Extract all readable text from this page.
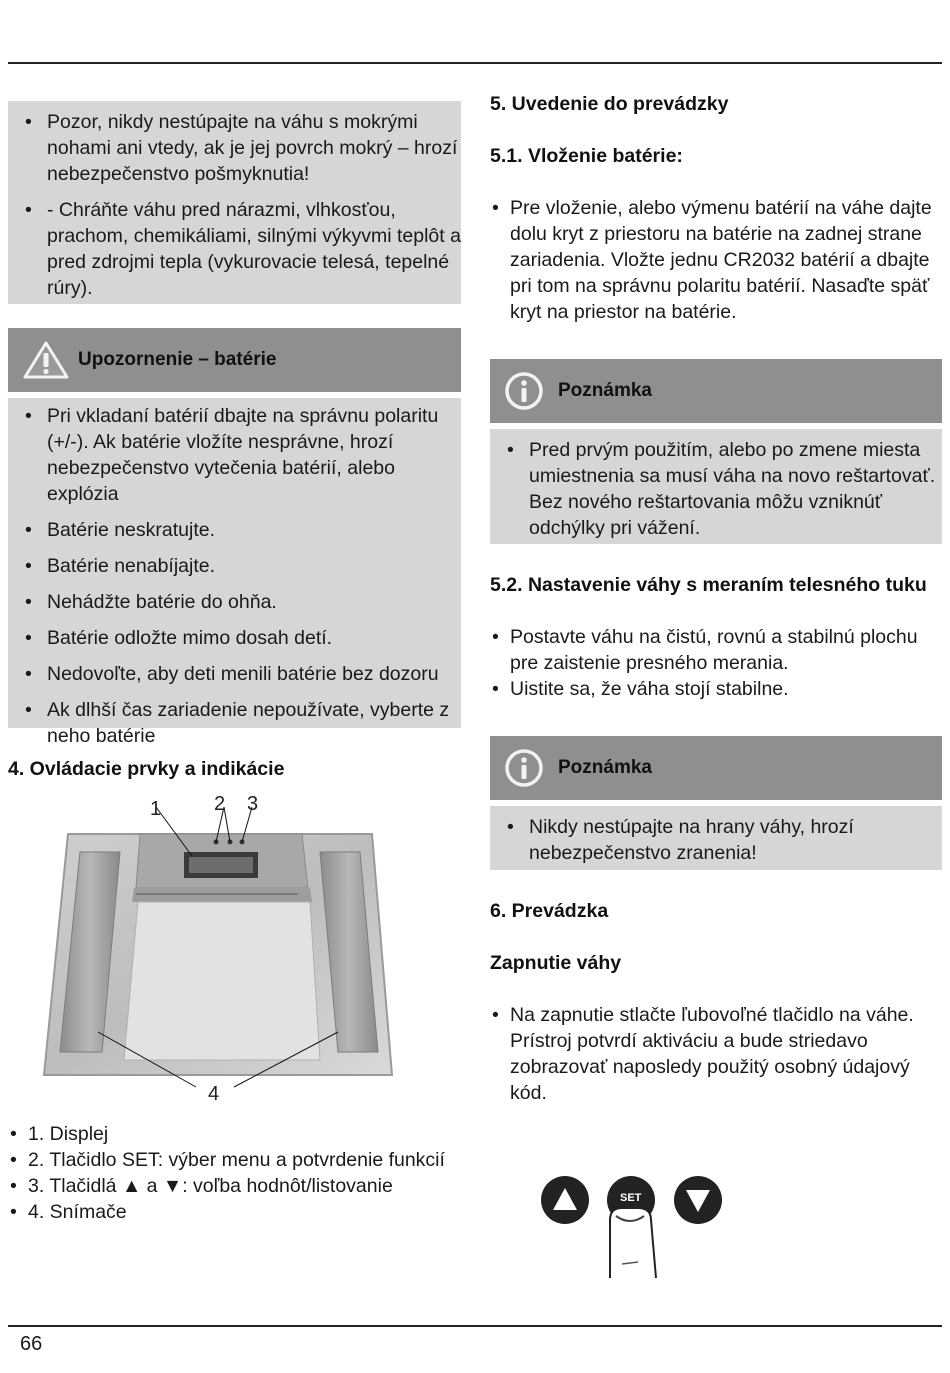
• Pozor, nikdy nestúpajte na váhu s mokrými nohami ani vtedy, ak je jej povrch mokrý – hrozí nebezpečenstvo pošmyknutia!
• - Chráňte váhu pred nárazmi, vlhkosťou, prachom, chemikáliami, silnými výkyvmi teplôt a pred zdrojmi tepla (vykurovacie telesá, tepelné rúry).
Upozornenie – batérie
• Pri vkladaní batérií dbajte na správnu polaritu (+/-). Ak batérie vložíte nesprávne, hrozí nebezpečenstvo vytečenia batérií, alebo explózia
• Batérie neskratujte.
• Batérie nenabíjajte.
• Nehádžte batérie do ohňa.
• Batérie odložte mimo dosah detí.
• Nedovoľte, aby deti menili batérie bez dozoru
• Ak dlhší čas zariadenie nepoužívate, vyberte z neho batérie
4. Ovládacie prvky a indikácie
1	2 3
4
• 1. Displej
• 2. Tlačidlo SET: výber menu a potvrdenie funkcií
• 3. Tlačidlá ▲ a ▼: voľba hodnôt/listovanie
• 4. Snímače
5. Uvedenie do prevádzky
5.1. Vloženie batérie:
• Pre vloženie, alebo výmenu batérií na váhe dajte dolu kryt z priestoru na batérie na zadnej strane zariadenia. Vložte jednu CR2032 batérií a dbajte pri tom na správnu polaritu batérií. Nasaďte späť kryt na priestor na batérie.
Poznámka
• Pred prvým použitím, alebo po zmene miesta umiestnenia sa musí váha na novo reštartovať. Bez nového reštartovania môžu vzniknúť odchýlky pri vážení.
5.2. Nastavenie váhy s meraním telesného tuku
• Postavte váhu na čistú, rovnú a stabilnú plochu pre zaistenie presného merania.
• Uistite sa, že váha stojí stabilne.
Poznámka
• Nikdy nestúpajte na hrany váhy, hrozí nebezpečenstvo zranenia!
6. Prevádzka
Zapnutie váhy
• Na zapnutie stlačte ľubovoľné tlačidlo na váhe. Prístroj potvrdí aktiváciu a bude striedavo zobrazovať naposledy použitý osobný údajový kód.
SET
66
